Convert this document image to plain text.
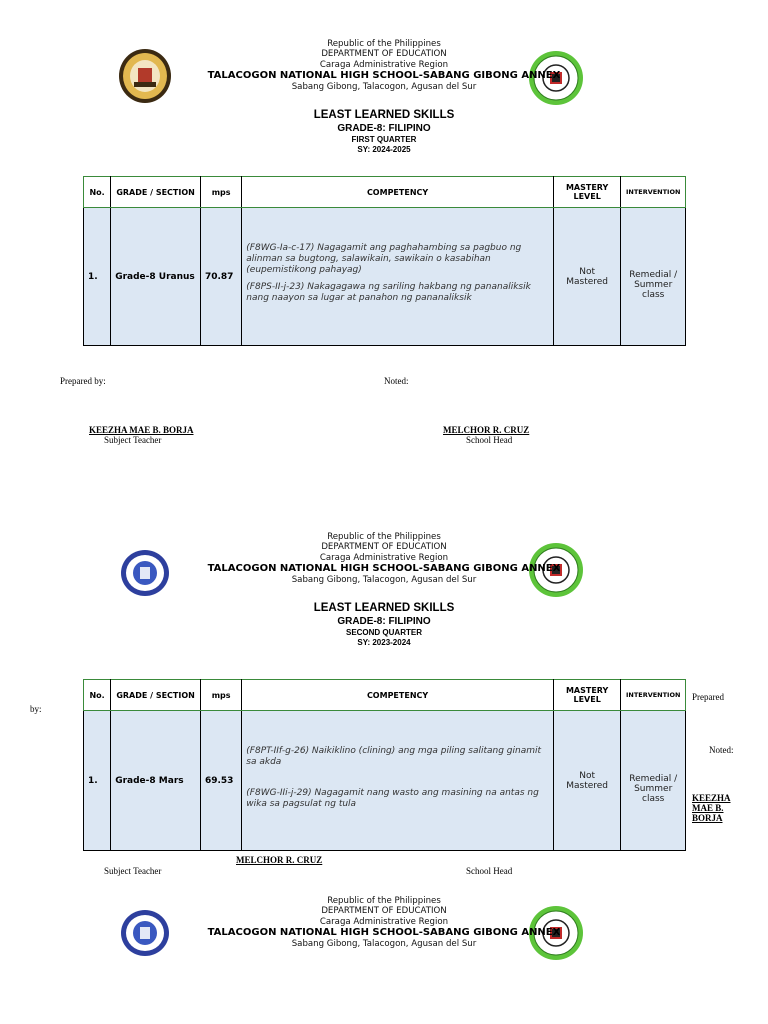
Republic of the Philippines
DEPARTMENT OF EDUCATION
Caraga Administrative Region
TALACOGON NATIONAL HIGH SCHOOL-SABANG GIBONG ANNEX
Sabang Gibong, Talacogon, Agusan del Sur
LEAST LEARNED SKILLS
GRADE-8: FILIPINO
FIRST QUARTER
SY: 2024-2025
No.	GRADE / SECTION	mps	COMPETENCY	MASTERY LEVEL	INTERVENTION
1.	Grade-8 Uranus	70.87	(F8WG-Ia-c-17) Nagagamit ang paghahambing sa pagbuo ng alinman sa bugtong, salawikain, sawikain o kasabihan (eupemistikong pahayag)

(F8PS-II-j-23) Nakagagawa ng sariling hakbang ng pananaliksik nang naayon sa lugar at panahon ng pananaliksik	Not Mastered	Remedial / Summer class
Prepared by:	Noted:
KEEZHA MAE B. BORJA
Subject Teacher
MELCHOR R. CRUZ
School Head
Republic of the Philippines
DEPARTMENT OF EDUCATION
Caraga Administrative Region
TALACOGON NATIONAL HIGH SCHOOL-SABANG GIBONG ANNEX
Sabang Gibong, Talacogon, Agusan del Sur
LEAST LEARNED SKILLS
GRADE-8: FILIPINO
SECOND QUARTER
SY: 2023-2024
No.	GRADE / SECTION	mps	COMPETENCY	MASTERY LEVEL	INTERVENTION
1.	Grade-8 Mars	69.53	(F8PT-IIf-g-26) Naikiklino (clining) ang mga piling salitang ginamit sa akda

(F8WG-IIi-j-29) Nagagamit nang wasto ang masining na antas ng wika sa pagsulat ng tula	Not Mastered	Remedial / Summer class
by:
Prepared
Noted:
KEEZHA MAE B. BORJA
MELCHOR R. CRUZ
Subject Teacher	School Head
Republic of the Philippines
DEPARTMENT OF EDUCATION
Caraga Administrative Region
TALACOGON NATIONAL HIGH SCHOOL-SABANG GIBONG ANNEX
Sabang Gibong, Talacogon, Agusan del Sur
